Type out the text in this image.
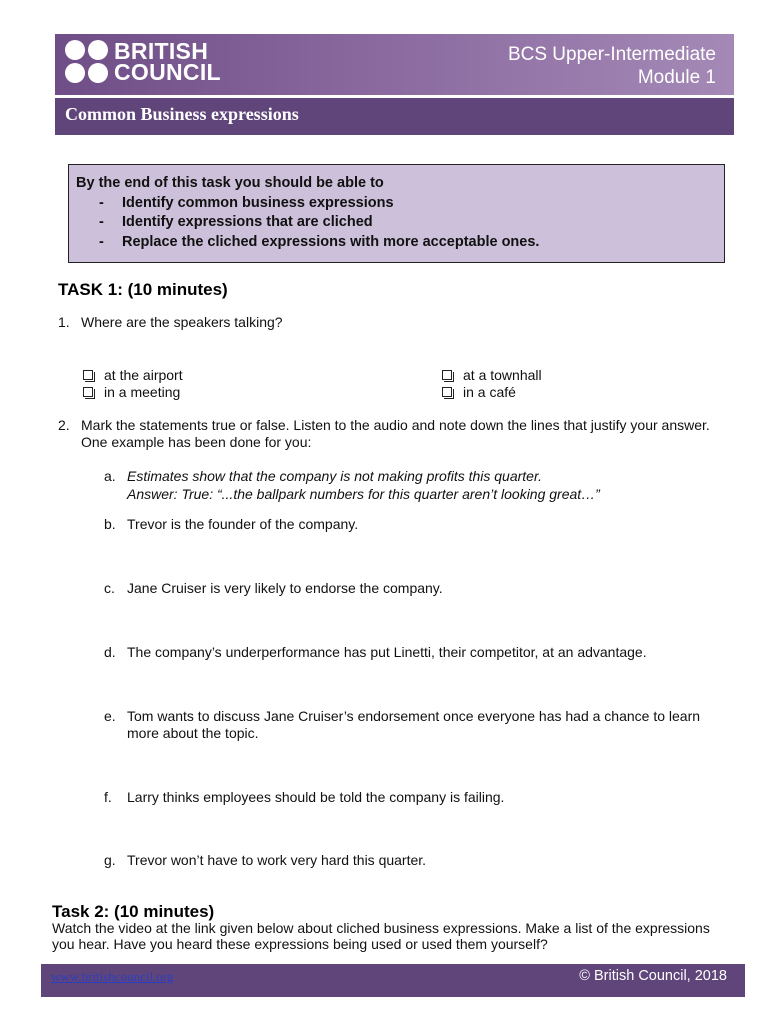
BRITISH
COUNCIL
BCS Upper-Intermediate
Module 1
Common Business expressions

By the end of this task you should be able to

- Identify common business expressions
- Identify expressions that are cliched
- Replace the cliched expressions with more acceptable ones.
TASK 1: (10 minutes)
1. Where are the speakers talking?
at the airport
in a meeting
at a townhall
in a café
2. Mark the statements true or false. Listen to the audio and note down the lines that justify your answer.
One example has been done for you:
a. Estimates show that the company is not making profits this quarter.
Answer: True: “...the ballpark numbers for this quarter aren’t looking great…”
b. Trevor is the founder of the company.
c. Jane Cruiser is very likely to endorse the company.
d. The company’s underperformance has put Linetti, their competitor, at an advantage.
e. Tom wants to discuss Jane Cruiser’s endorsement once everyone has had a chance to learn
more about the topic.
f. Larry thinks employees should be told the company is failing.
g. Trevor won’t have to work very hard this quarter.
Task 2: (10 minutes)
Watch the video at the link given below about cliched business expressions. Make a list of the expressions
you hear. Have you heard these expressions being used or used them yourself?
www.britishcouncil.org	© British Council, 2018
